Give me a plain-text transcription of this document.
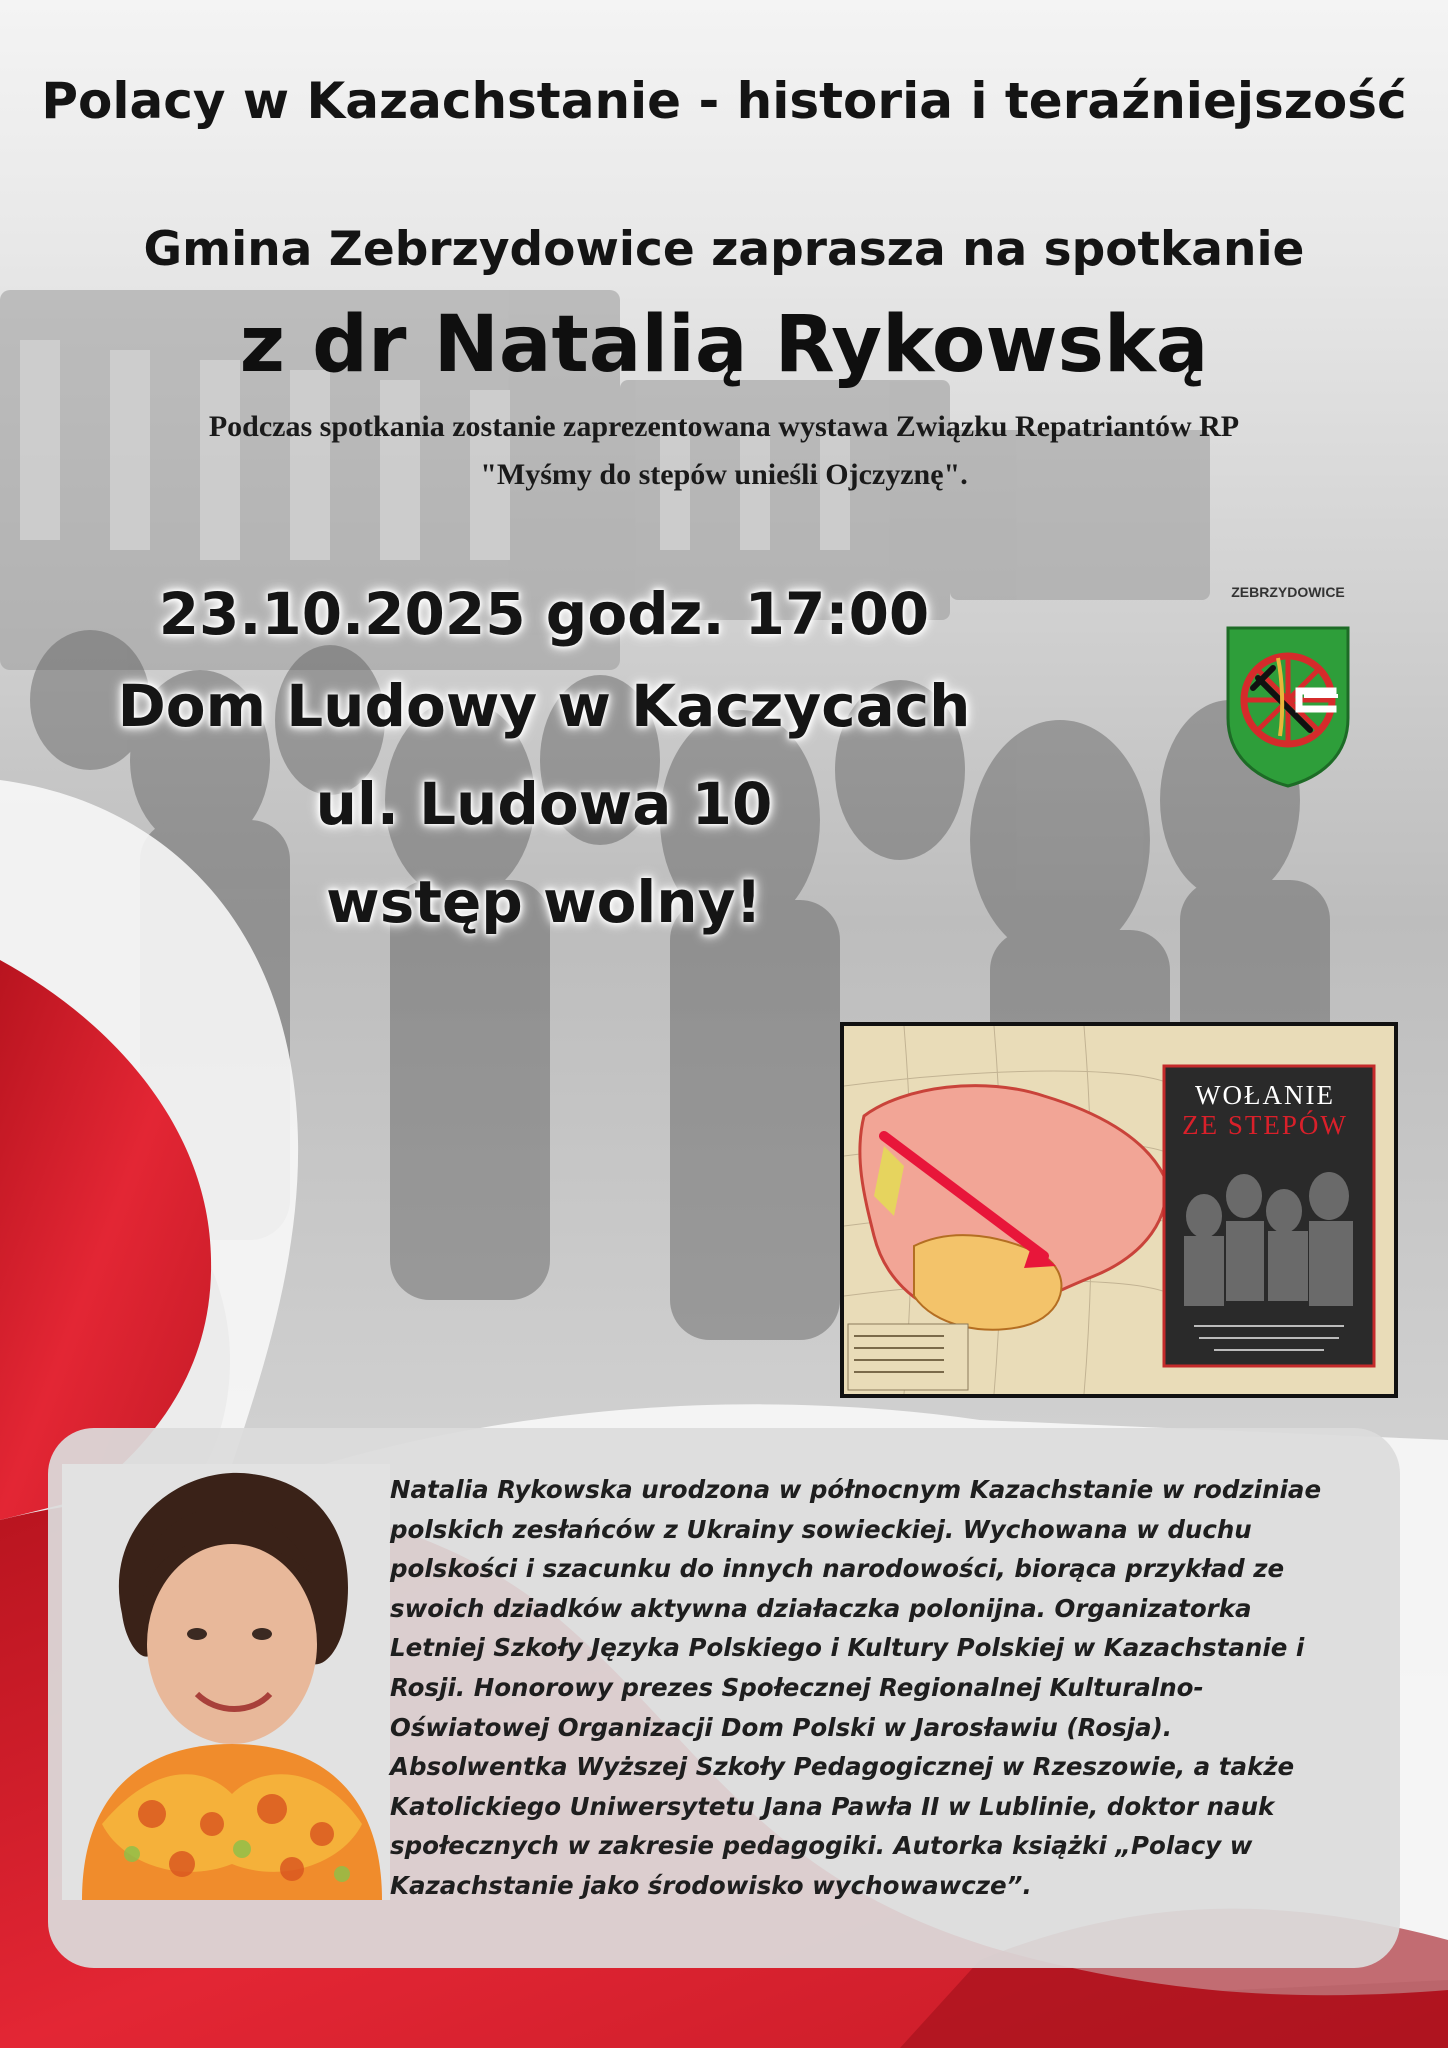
Polacy w Kazachstanie - historia i teraźniejszość
Gmina Zebrzydowice zaprasza na spotkanie
z dr Natalią Rykowską
Podczas spotkania zostanie zaprezentowana wystawa Związku Repatriantów RP
"Myśmy do stepów unieśli Ojczyznę".
23.10.2025 godz. 17:00
Dom Ludowy w Kaczycach
ul. Ludowa 10
wstęp wolny!
ZEBRZYDOWICE
WOŁANIE
ZE STEPÓW

Natalia Rykowska urodzona w północnym Kazachstanie w rodziniae polskich zesłańców z Ukrainy sowieckiej. Wychowana w duchu polskości i szacunku do innych narodowości, biorąca przykład ze swoich dziadków aktywna działaczka polonijna. Organizatorka Letniej Szkoły Języka Polskiego i Kultury Polskiej w Kazachstanie i Rosji. Honorowy prezes Społecznej Regionalnej Kulturalno-Oświatowej Organizacji Dom Polski w Jarosławiu (Rosja). Absolwentka Wyższej Szkoły Pedagogicznej w Rzeszowie, a także Katolickiego Uniwersytetu Jana Pawła II w Lublinie, doktor nauk społecznych w zakresie pedagogiki. Autorka książki „Polacy w Kazachstanie jako środowisko wychowawcze”.
